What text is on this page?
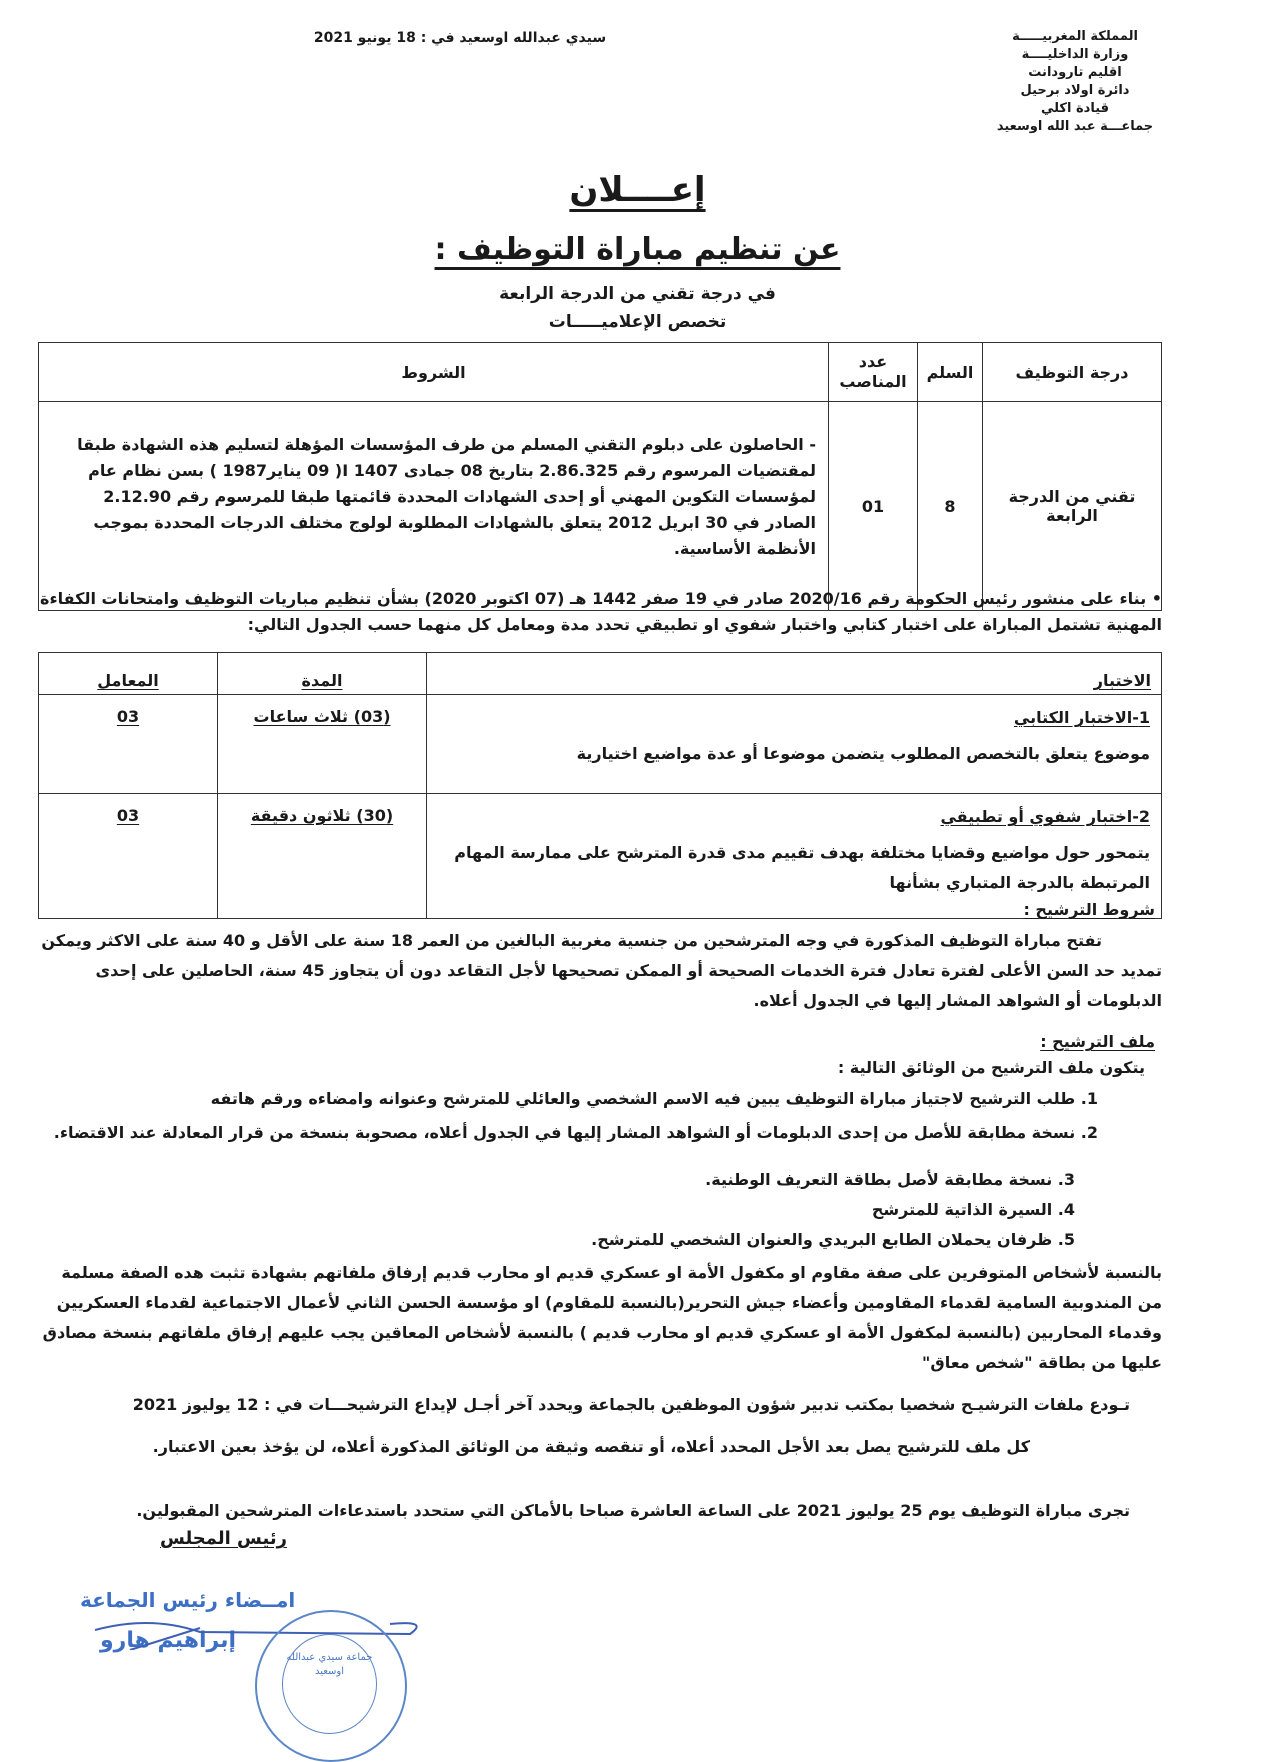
المملكة المغربيـــــة
وزارة الداخليــــة
اقليم تارودانت
دائرة اولاد برحيل
قيادة اكلي
جماعـــة عبد الله اوسعيد
سيدي عبدالله اوسعيد في : 18 يونيو 2021
إعــــلان
عن تنظيم مباراة التوظيف :
في درجة تقني من الدرجة الرابعة
تخصص الإعلاميـــــات
درجة التوظيف	السلم	عدد المناصب	الشروط
تقني من الدرجة الرابعة	8	01	- الحاصلون على دبلوم التقني المسلم من طرف المؤسسات المؤهلة لتسليم هذه الشهادة طبقا لمقتضيات المرسوم رقم 2.86.325 بتاريخ 08 جمادى I 1407( 09 يناير1987 ) بسن نظام عام لمؤسسات التكوين المهني أو إحدى الشهادات المحددة قائمتها طبقا للمرسوم رقم 2.12.90 الصادر في 30 ابريل 2012 يتعلق بالشهادات المطلوبة لولوج مختلف الدرجات المحددة بموجب الأنظمة الأساسية.
• بناء على منشور رئيس الحكومة رقم 2020/16 صادر في 19 صفر 1442 هـ (07 اكتوبر 2020) بشأن تنظيم مباريات التوظيف وامتحانات الكفاءة المهنية تشتمل المباراة على اختبار كتابي واختبار شفوي او تطبيقي تحدد مدة ومعامل كل منهما حسب الجدول التالي:
الاختبار	المدة	المعامل

1-الاختبار الكتابي
موضوع يتعلق بالتخصص المطلوب يتضمن موضوعا أو عدة مواضيع اختيارية	(03) ثلاث ساعات	03

2-اختبار شفوي أو تطبيقي
يتمحور حول مواضيع وقضايا مختلفة بهدف تقييم مدى قدرة المترشح على ممارسة المهام المرتبطة بالدرجة المتباري بشأنها	(30) ثلاثون دقيقة	03
شروط الترشيح :
تفتح مباراة التوظيف المذكورة في وجه المترشحين من جنسية مغربية البالغين من العمر 18 سنة على الأقل و 40 سنة على الاكثر ويمكن تمديد حد السن الأعلى لفترة تعادل فترة الخدمات الصحيحة أو الممكن تصحيحها لأجل التقاعد دون أن يتجاوز 45 سنة، الحاصلين على إحدى الدبلومات أو الشواهد المشار إليها في الجدول أعلاه.
ملف الترشيح :
يتكون ملف الترشيح من الوثائق التالية :
1. طلب الترشيح لاجتياز مباراة التوظيف يبين فيه الاسم الشخصي والعائلي للمترشح وعنوانه وامضاءه ورقم هاتفه
2. نسخة مطابقة للأصل من إحدى الدبلومات أو الشواهد المشار إليها في الجدول أعلاه، مصحوبة بنسخة من قرار المعادلة عند الاقتضاء.
3. نسخة مطابقة لأصل بطاقة التعريف الوطنية.
4. السيرة الذاتية للمترشح
5. ظرفان يحملان الطابع البريدي والعنوان الشخصي للمترشح.
بالنسبة لأشخاص المتوفرين على صفة مقاوم او مكفول الأمة او عسكري قديم او محارب قديم إرفاق ملفاتهم بشهادة تثبت هده الصفة مسلمة من المندوبية السامية لقدماء المقاومين وأعضاء جيش التحرير(بالنسبة للمقاوم) او مؤسسة الحسن الثاني لأعمال الاجتماعية لقدماء العسكريين وقدماء المحاربين (بالنسبة لمكفول الأمة او عسكري قديم او محارب قديم ) بالنسبة لأشخاص المعاقين يجب عليهم إرفاق ملفاتهم بنسخة مصادق عليها من بطاقة "شخص معاق"
تـودع ملفات الترشيـح شخصيا بمكتب تدبير شؤون الموظفين بالجماعة ويحدد آخر أجـل لإيداع الترشيحـــات في : 12 يوليوز 2021
كل ملف للترشيح يصل بعد الأجل المحدد أعلاه، أو تنقصه وثيقة من الوثائق المذكورة أعلاه، لن يؤخذ بعين الاعتبار.
تجرى مباراة التوظيف يوم 25 يوليوز 2021 على الساعة العاشرة صباحا بالأماكن التي ستحدد باستدعاءات المترشحين المقبولين.
رئيس المجلس
امــضاء رئيس الجماعة
إبراهيم هارو
جماعة سيدي عبدالله اوسعيد
